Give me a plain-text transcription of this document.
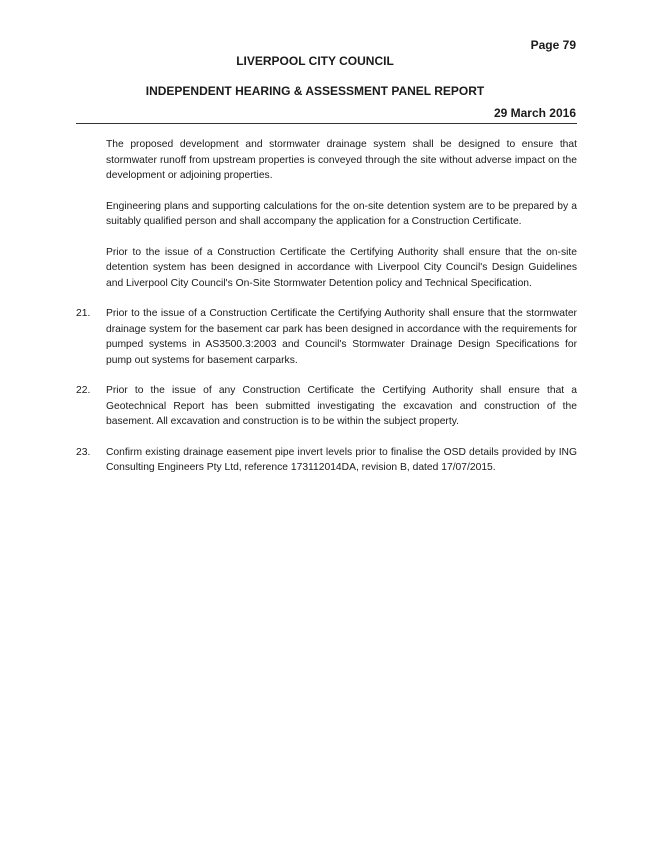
Page 79
LIVERPOOL CITY COUNCIL
INDEPENDENT HEARING & ASSESSMENT PANEL REPORT
29 March 2016

The proposed development and stormwater drainage system shall be designed to ensure that stormwater runoff from upstream properties is conveyed through the site without adverse impact on the development or adjoining properties.

Engineering plans and supporting calculations for the on-site detention system are to be prepared by a suitably qualified person and shall accompany the application for a Construction Certificate.

Prior to the issue of a Construction Certificate the Certifying Authority shall ensure that the on-site detention system has been designed in accordance with Liverpool City Council's Design Guidelines and Liverpool City Council's On-Site Stormwater Detention policy and Technical Specification.

21.	Prior to the issue of a Construction Certificate the Certifying Authority shall ensure that the stormwater drainage system for the basement car park has been designed in accordance with the requirements for pumped systems in AS3500.3:2003 and Council's Stormwater Drainage Design Specifications for pump out systems for basement carparks.
22.	Prior to the issue of any Construction Certificate the Certifying Authority shall ensure that a Geotechnical Report has been submitted investigating the excavation and construction of the basement. All excavation and construction is to be within the subject property.
23.	Confirm existing drainage easement pipe invert levels prior to finalise the OSD details provided by ING Consulting Engineers Pty Ltd, reference 173112014DA, revision B, dated 17/07/2015.
